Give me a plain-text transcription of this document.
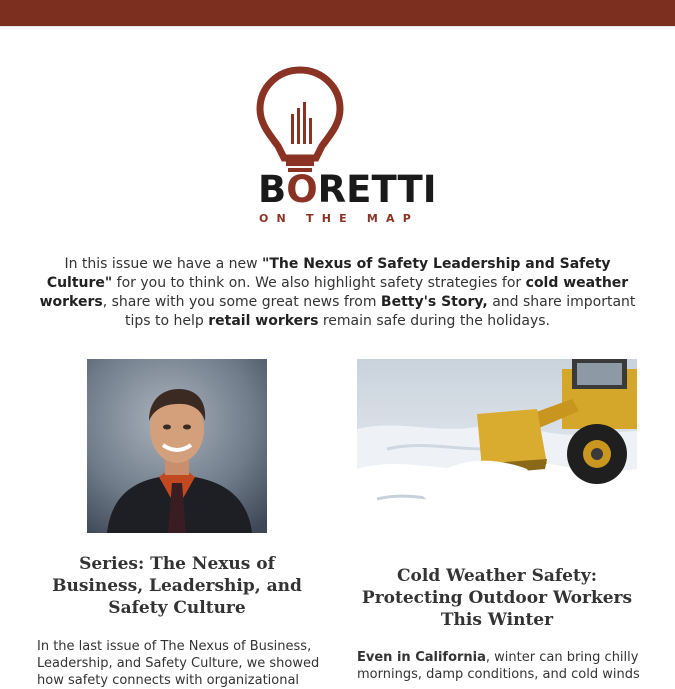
BORETTI
ON THE MAP
In this issue we have a new "The Nexus of Safety Leadership and Safety Culture" for you to think on. We also highlight safety strategies for cold weather workers, share with you some great news from Betty's Story, and share important tips to help retail workers remain safe during the holidays.
Series: The Nexus of Business, Leadership, and Safety Culture
Cold Weather Safety: Protecting Outdoor Workers This Winter
In the last issue of The Nexus of Business, Leadership, and Safety Culture, we showed how safety connects with organizational
Even in California, winter can bring chilly mornings, damp conditions, and cold winds
